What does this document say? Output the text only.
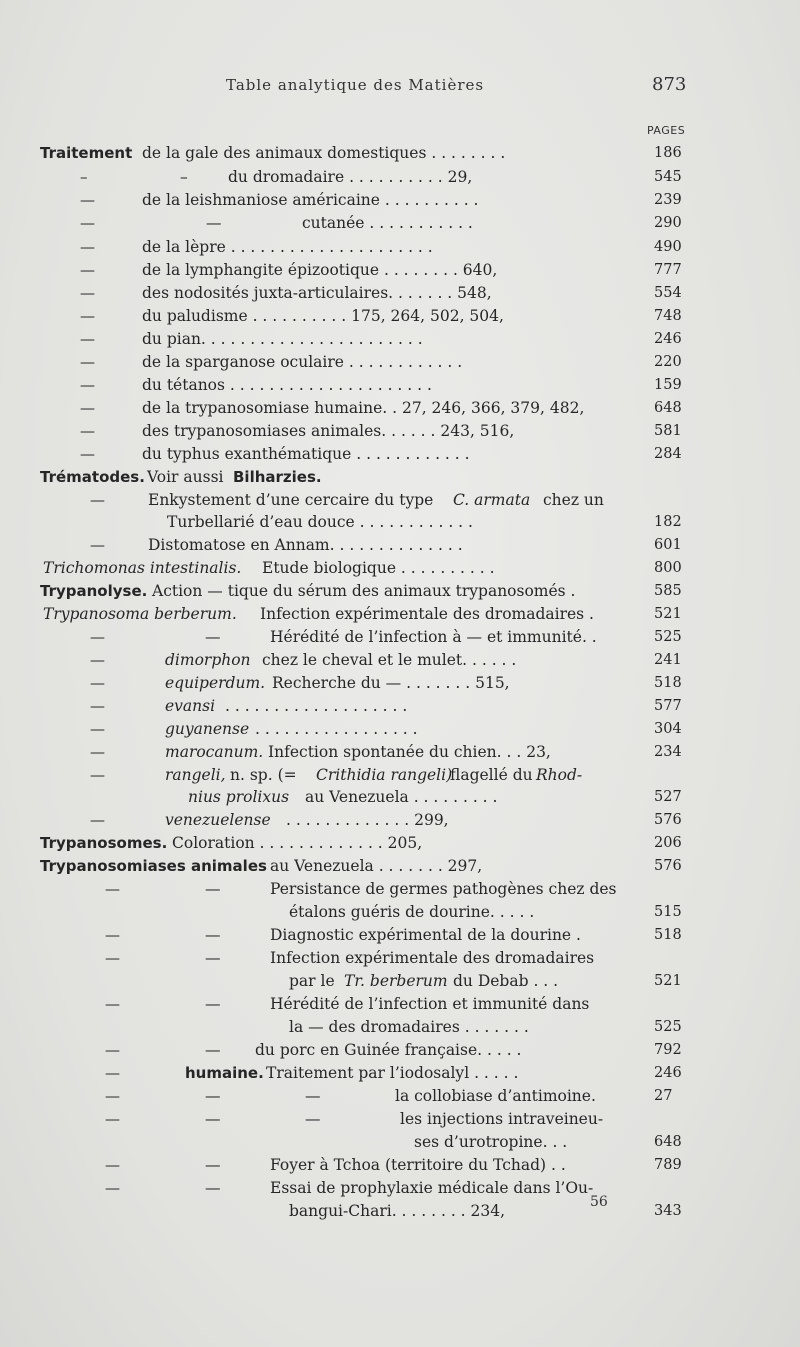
Table analytique des Matières	873
PAGES
Traitement de la gale des animaux domestiques . . . . . . . .	186
–	–	du dromadaire . . . . . . . . . . 29,	545
—	de la leishmaniose américaine . . . . . . . . . .	239
—	—	cutanée . . . . . . . . . . .	290
—	de la lèpre . . . . . . . . . . . . . . . . . . . . .	490
—	de la lymphangite épizootique . . . . . . . . 640,	777
—	des nodosités juxta-articulaires. . . . . . . 548,	554
—	du paludisme . . . . . . . . . . 175, 264, 502, 504,	748
—	du pian. . . . . . . . . . . . . . . . . . . . . . .	246
—	de la sparganose oculaire . . . . . . . . . . . .	220
—	du tétanos . . . . . . . . . . . . . . . . . . . . .	159
—	de la trypanosomiase humaine. . 27, 246, 366, 379, 482,	648
—	des trypanosomiases animales. . . . . . 243, 516,	581
—	du typhus exanthématique . . . . . . . . . . . .	284
Trématodes. Voir aussi Bilharzies.
—	Enkystement d’une cercaire du type C. armata chez un
Turbellarié d’eau douce . . . . . . . . . . . .	182
—	Distomatose en Annam. . . . . . . . . . . . . .	601
Trichomonas intestinalis. Etude biologique . . . . . . . . . .	800
Trypanolyse. Action — tique du sérum des animaux trypanosomés .	585
Trypanosoma berberum. Infection expérimentale des dromadaires .	521
—	—	Hérédité de l’infection à — et immunité. .	525
—	dimorphon chez le cheval et le mulet. . . . . .	241
—	equiperdum. Recherche du — . . . . . . . 515,	518
—	evansi . . . . . . . . . . . . . . . . . . .	577
—	guyanense . . . . . . . . . . . . . . . . .	304
—	marocanum. Infection spontanée du chien. . . 23,	234
—	rangeli, n. sp. (= Crithidia rangeli)
flagellé du Rhod-
nius prolixus au Venezuela . . . . . . . . .	527
—	venezuelense . . . . . . . . . . . . . 299,	576
Trypanosomes. Coloration . . . . . . . . . . . . . 205,	206
Trypanosomiases animales au Venezuela . . . . . . . 297,	576
—	—	Persistance de germes pathogènes chez des
étalons guéris de dourine. . . . .	515
—	—	Diagnostic expérimental de la dourine .	518
—	—	Infection expérimentale des dromadaires
par le Tr. berberum du Debab . . .	521
—	—	Hérédité de l’infection et immunité dans
la — des dromadaires . . . . . . .	525
—	— du porc en Guinée française. . . . .	792
—	humaine. Traitement par l’iodosalyl . . . . .	246
—	—	—	la collobiase d’antimoine.	27
—	—	—	les injections intraveineu-
ses d’urotropine. . .	648
—	—	Foyer à Tchoa (territoire du Tchad) . .	789
—	—	Essai de prophylaxie médicale dans l’Ou-
bangui-Chari. . . . . . . . 234,	343
56
